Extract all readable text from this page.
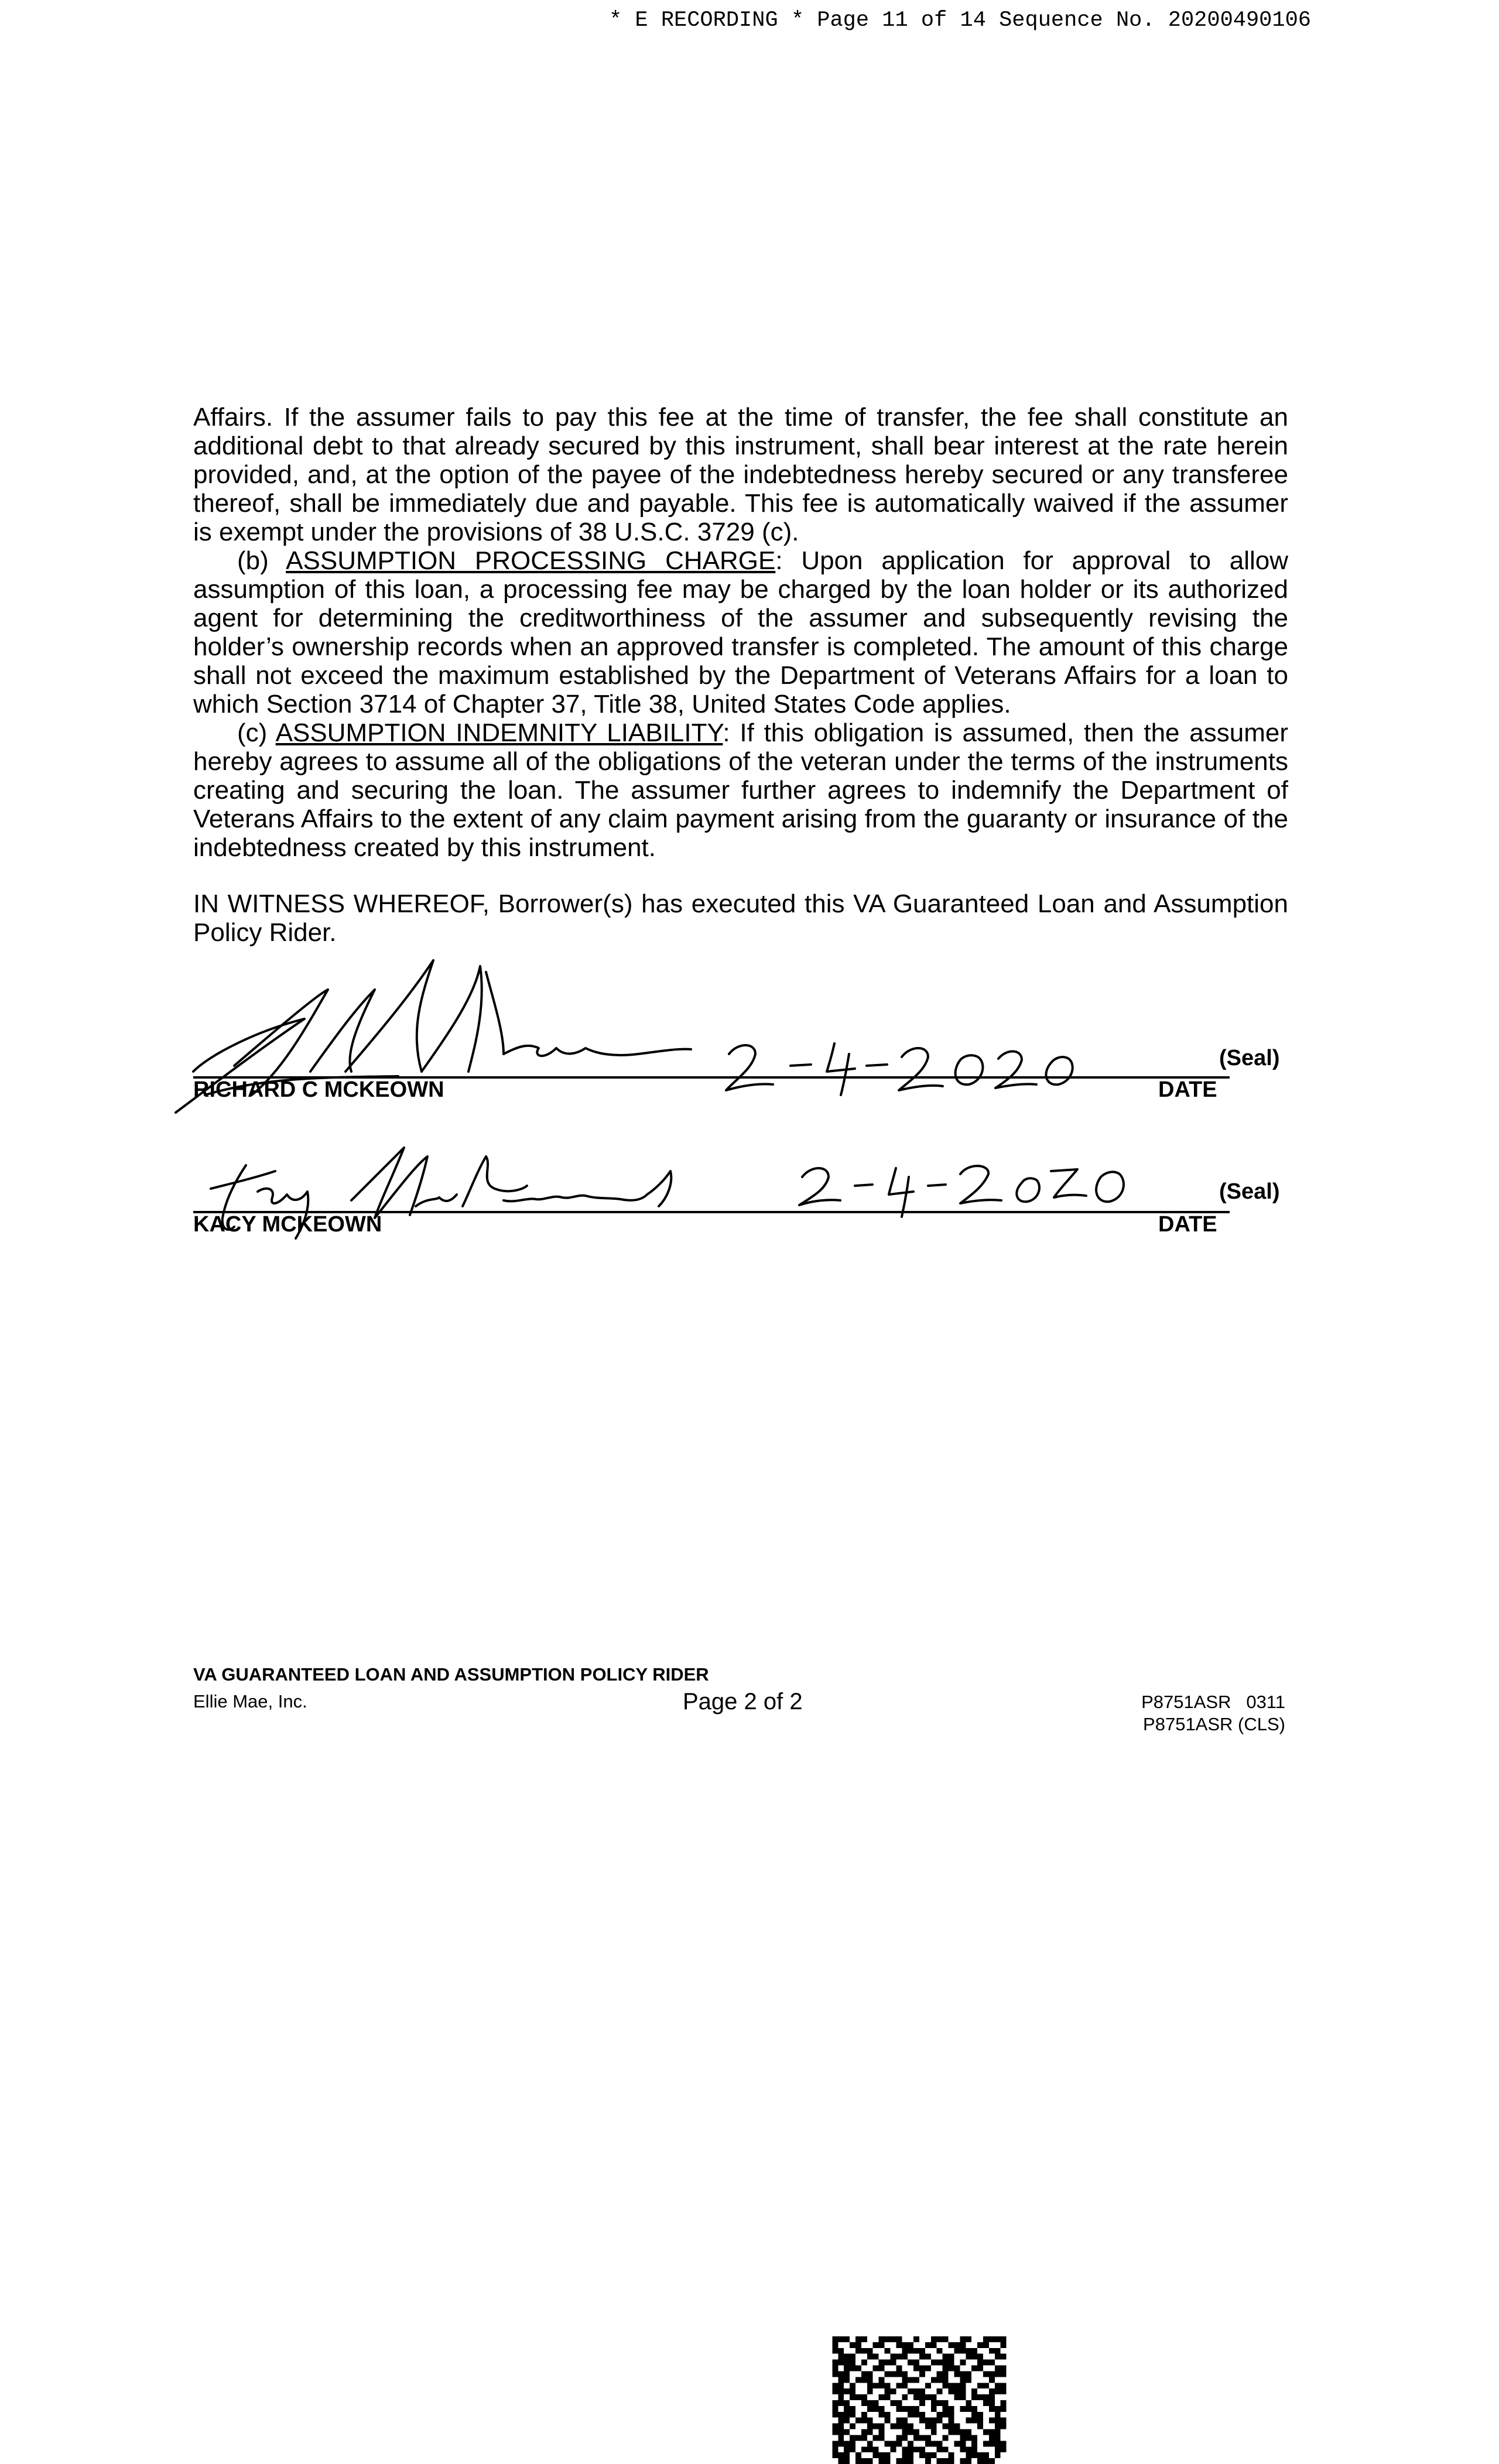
* E RECORDING * Page 11 of 14 Sequence No. 20200490106

Affairs. If the assumer fails to pay this fee at the time of transfer, the fee shall constitute an additional debt to that already secured by this instrument, shall bear interest at the rate herein provided, and, at the option of the payee of the indebtedness hereby secured or any transferee thereof, shall be immediately due and payable. This fee is automatically waived if the assumer is exempt under the provisions of 38 U.S.C. 3729 (c).

(b) ASSUMPTION PROCESSING CHARGE: Upon application for approval to allow assumption of this loan, a processing fee may be charged by the loan holder or its authorized agent for determining the creditworthiness of the assumer and subsequently revising the holder’s ownership records when an approved transfer is completed. The amount of this charge shall not exceed the maximum established by the Department of Veterans Affairs for a loan to which Section 3714 of Chapter 37, Title 38, United States Code applies.

(c) ASSUMPTION INDEMNITY LIABILITY: If this obligation is assumed, then the assumer hereby agrees to assume all of the obligations of the veteran under the terms of the instruments creating and securing the loan. The assumer further agrees to indemnify the Department of Veterans Affairs to the extent of any claim payment arising from the guaranty or insurance of the indebtedness created by this instrument.

IN WITNESS WHEREOF, Borrower(s) has executed this VA Guaranteed Loan and Assumption Policy Rider.
RICHARD C MCKEOWN
(Seal)
DATE
KACY MCKEOWN
(Seal)
DATE
VA GUARANTEED LOAN AND ASSUMPTION POLICY RIDER
Ellie Mae, Inc.	Page 2 of 2	P8751ASR   0311
P8751ASR (CLS)
